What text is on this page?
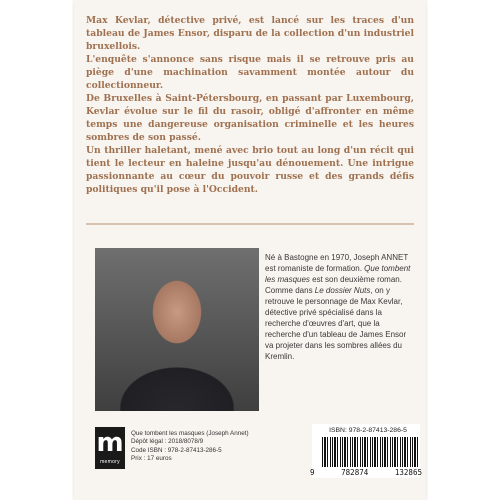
Max Kevlar, détective privé, est lancé sur les traces d'un tableau de James Ensor, disparu de la collection d'un industriel bruxellois.

L'enquête s'annonce sans risque mais il se retrouve pris au piège d'une machination savamment montée autour du collectionneur.

De Bruxelles à Saint-Pétersbourg, en passant par Luxembourg, Kevlar évolue sur le fil du rasoir, obligé d'affronter en même temps une dangereuse organisation criminelle et les heures sombres de son passé.

Un thriller haletant, mené avec brio tout au long d'un récit qui tient le lecteur en haleine jusqu'au dénouement. Une intrigue passionnante au cœur du pouvoir russe et des grands défis politiques qu'il pose à l'Occident.

Né à Bastogne en 1970, Joseph ANNET est romaniste de formation. Que tombent les masques est son deuxième roman. Comme dans Le dossier Nuts, on y retrouve le personnage de Max Kevlar, détective privé spécialisé dans la recherche d'œuvres d'art, que la recherche d'un tableau de James Ensor va projeter dans les sombres allées du Kremlin.
m
memory
Que tombent les masques (Joseph Annet)
Dépôt légal : 2018/8078/9
Code ISBN : 978-2-87413-286-5
Prix : 17 euros
ISBN: 978-2-87413-286-5
9	782874	132865
